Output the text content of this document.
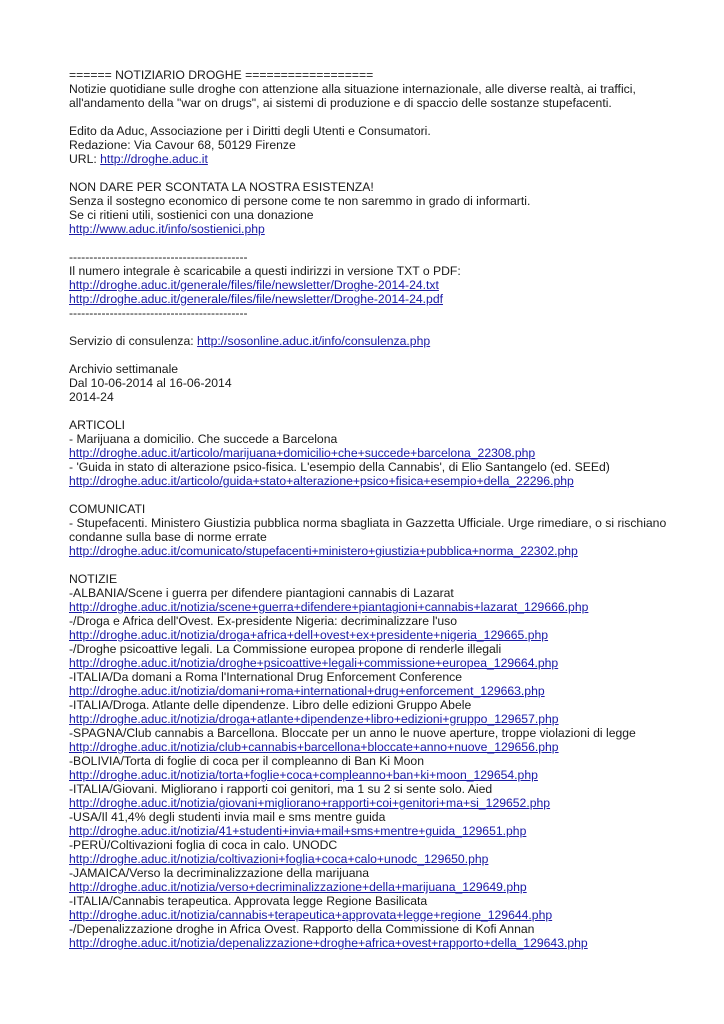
====== NOTIZIARIO DROGHE ==================
Notizie quotidiane sulle droghe con attenzione alla situazione internazionale, alle diverse realtà, ai traffici, all'andamento della "war on drugs", ai sistemi di produzione e di spaccio delle sostanze stupefacenti.
Edito da Aduc, Associazione per i Diritti degli Utenti e Consumatori.
Redazione: Via Cavour 68, 50129 Firenze
URL: http://droghe.aduc.it
NON DARE PER SCONTATA LA NOSTRA ESISTENZA!
Senza il sostegno economico di persone come te non saremmo in grado di informarti.
Se ci ritieni utili, sostienici con una donazione
http://www.aduc.it/info/sostienici.php
--------------------------------------------
Il numero integrale è scaricabile a questi indirizzi in versione TXT o PDF:
http://droghe.aduc.it/generale/files/file/newsletter/Droghe-2014-24.txt
http://droghe.aduc.it/generale/files/file/newsletter/Droghe-2014-24.pdf
--------------------------------------------
Servizio di consulenza: http://sosonline.aduc.it/info/consulenza.php
Archivio settimanale
Dal 10-06-2014 al 16-06-2014
2014-24
ARTICOLI
- Marijuana a domicilio. Che succede a Barcelona
http://droghe.aduc.it/articolo/marijuana+domicilio+che+succede+barcelona_22308.php
- 'Guida in stato di alterazione psico-fisica. L'esempio della Cannabis', di Elio Santangelo (ed. SEEd)
http://droghe.aduc.it/articolo/guida+stato+alterazione+psico+fisica+esempio+della_22296.php
COMUNICATI
- Stupefacenti. Ministero Giustizia pubblica norma sbagliata in Gazzetta Ufficiale. Urge rimediare, o si rischiano condanne sulla base di norme errate
http://droghe.aduc.it/comunicato/stupefacenti+ministero+giustizia+pubblica+norma_22302.php
NOTIZIE
-ALBANIA/Scene i guerra per difendere piantagioni cannabis di Lazarat
http://droghe.aduc.it/notizia/scene+guerra+difendere+piantagioni+cannabis+lazarat_129666.php
-/Droga e Africa dell'Ovest. Ex-presidente Nigeria: decriminalizzare l'uso
http://droghe.aduc.it/notizia/droga+africa+dell+ovest+ex+presidente+nigeria_129665.php
-/Droghe psicoattive legali. La Commissione europea propone di renderle illegali
http://droghe.aduc.it/notizia/droghe+psicoattive+legali+commissione+europea_129664.php
-ITALIA/Da domani a Roma l'International Drug Enforcement Conference
http://droghe.aduc.it/notizia/domani+roma+international+drug+enforcement_129663.php
-ITALIA/Droga. Atlante delle dipendenze. Libro delle edizioni Gruppo Abele
http://droghe.aduc.it/notizia/droga+atlante+dipendenze+libro+edizioni+gruppo_129657.php
-SPAGNA/Club cannabis a Barcellona. Bloccate per un anno le nuove aperture, troppe violazioni di legge
http://droghe.aduc.it/notizia/club+cannabis+barcellona+bloccate+anno+nuove_129656.php
-BOLIVIA/Torta di foglie di coca per il compleanno di Ban Ki Moon
http://droghe.aduc.it/notizia/torta+foglie+coca+compleanno+ban+ki+moon_129654.php
-ITALIA/Giovani. Migliorano i rapporti coi genitori, ma 1 su 2 si sente solo. Aied
http://droghe.aduc.it/notizia/giovani+migliorano+rapporti+coi+genitori+ma+si_129652.php
-USA/Il 41,4% degli studenti invia mail e sms mentre guida
http://droghe.aduc.it/notizia/41+studenti+invia+mail+sms+mentre+guida_129651.php
-PERÙ/Coltivazioni foglia di coca in calo. UNODC
http://droghe.aduc.it/notizia/coltivazioni+foglia+coca+calo+unodc_129650.php
-JAMAICA/Verso la decriminalizzazione della marijuana
http://droghe.aduc.it/notizia/verso+decriminalizzazione+della+marijuana_129649.php
-ITALIA/Cannabis terapeutica. Approvata legge Regione Basilicata
http://droghe.aduc.it/notizia/cannabis+terapeutica+approvata+legge+regione_129644.php
-/Depenalizzazione droghe in Africa Ovest. Rapporto della Commissione di Kofi Annan
http://droghe.aduc.it/notizia/depenalizzazione+droghe+africa+ovest+rapporto+della_129643.php
